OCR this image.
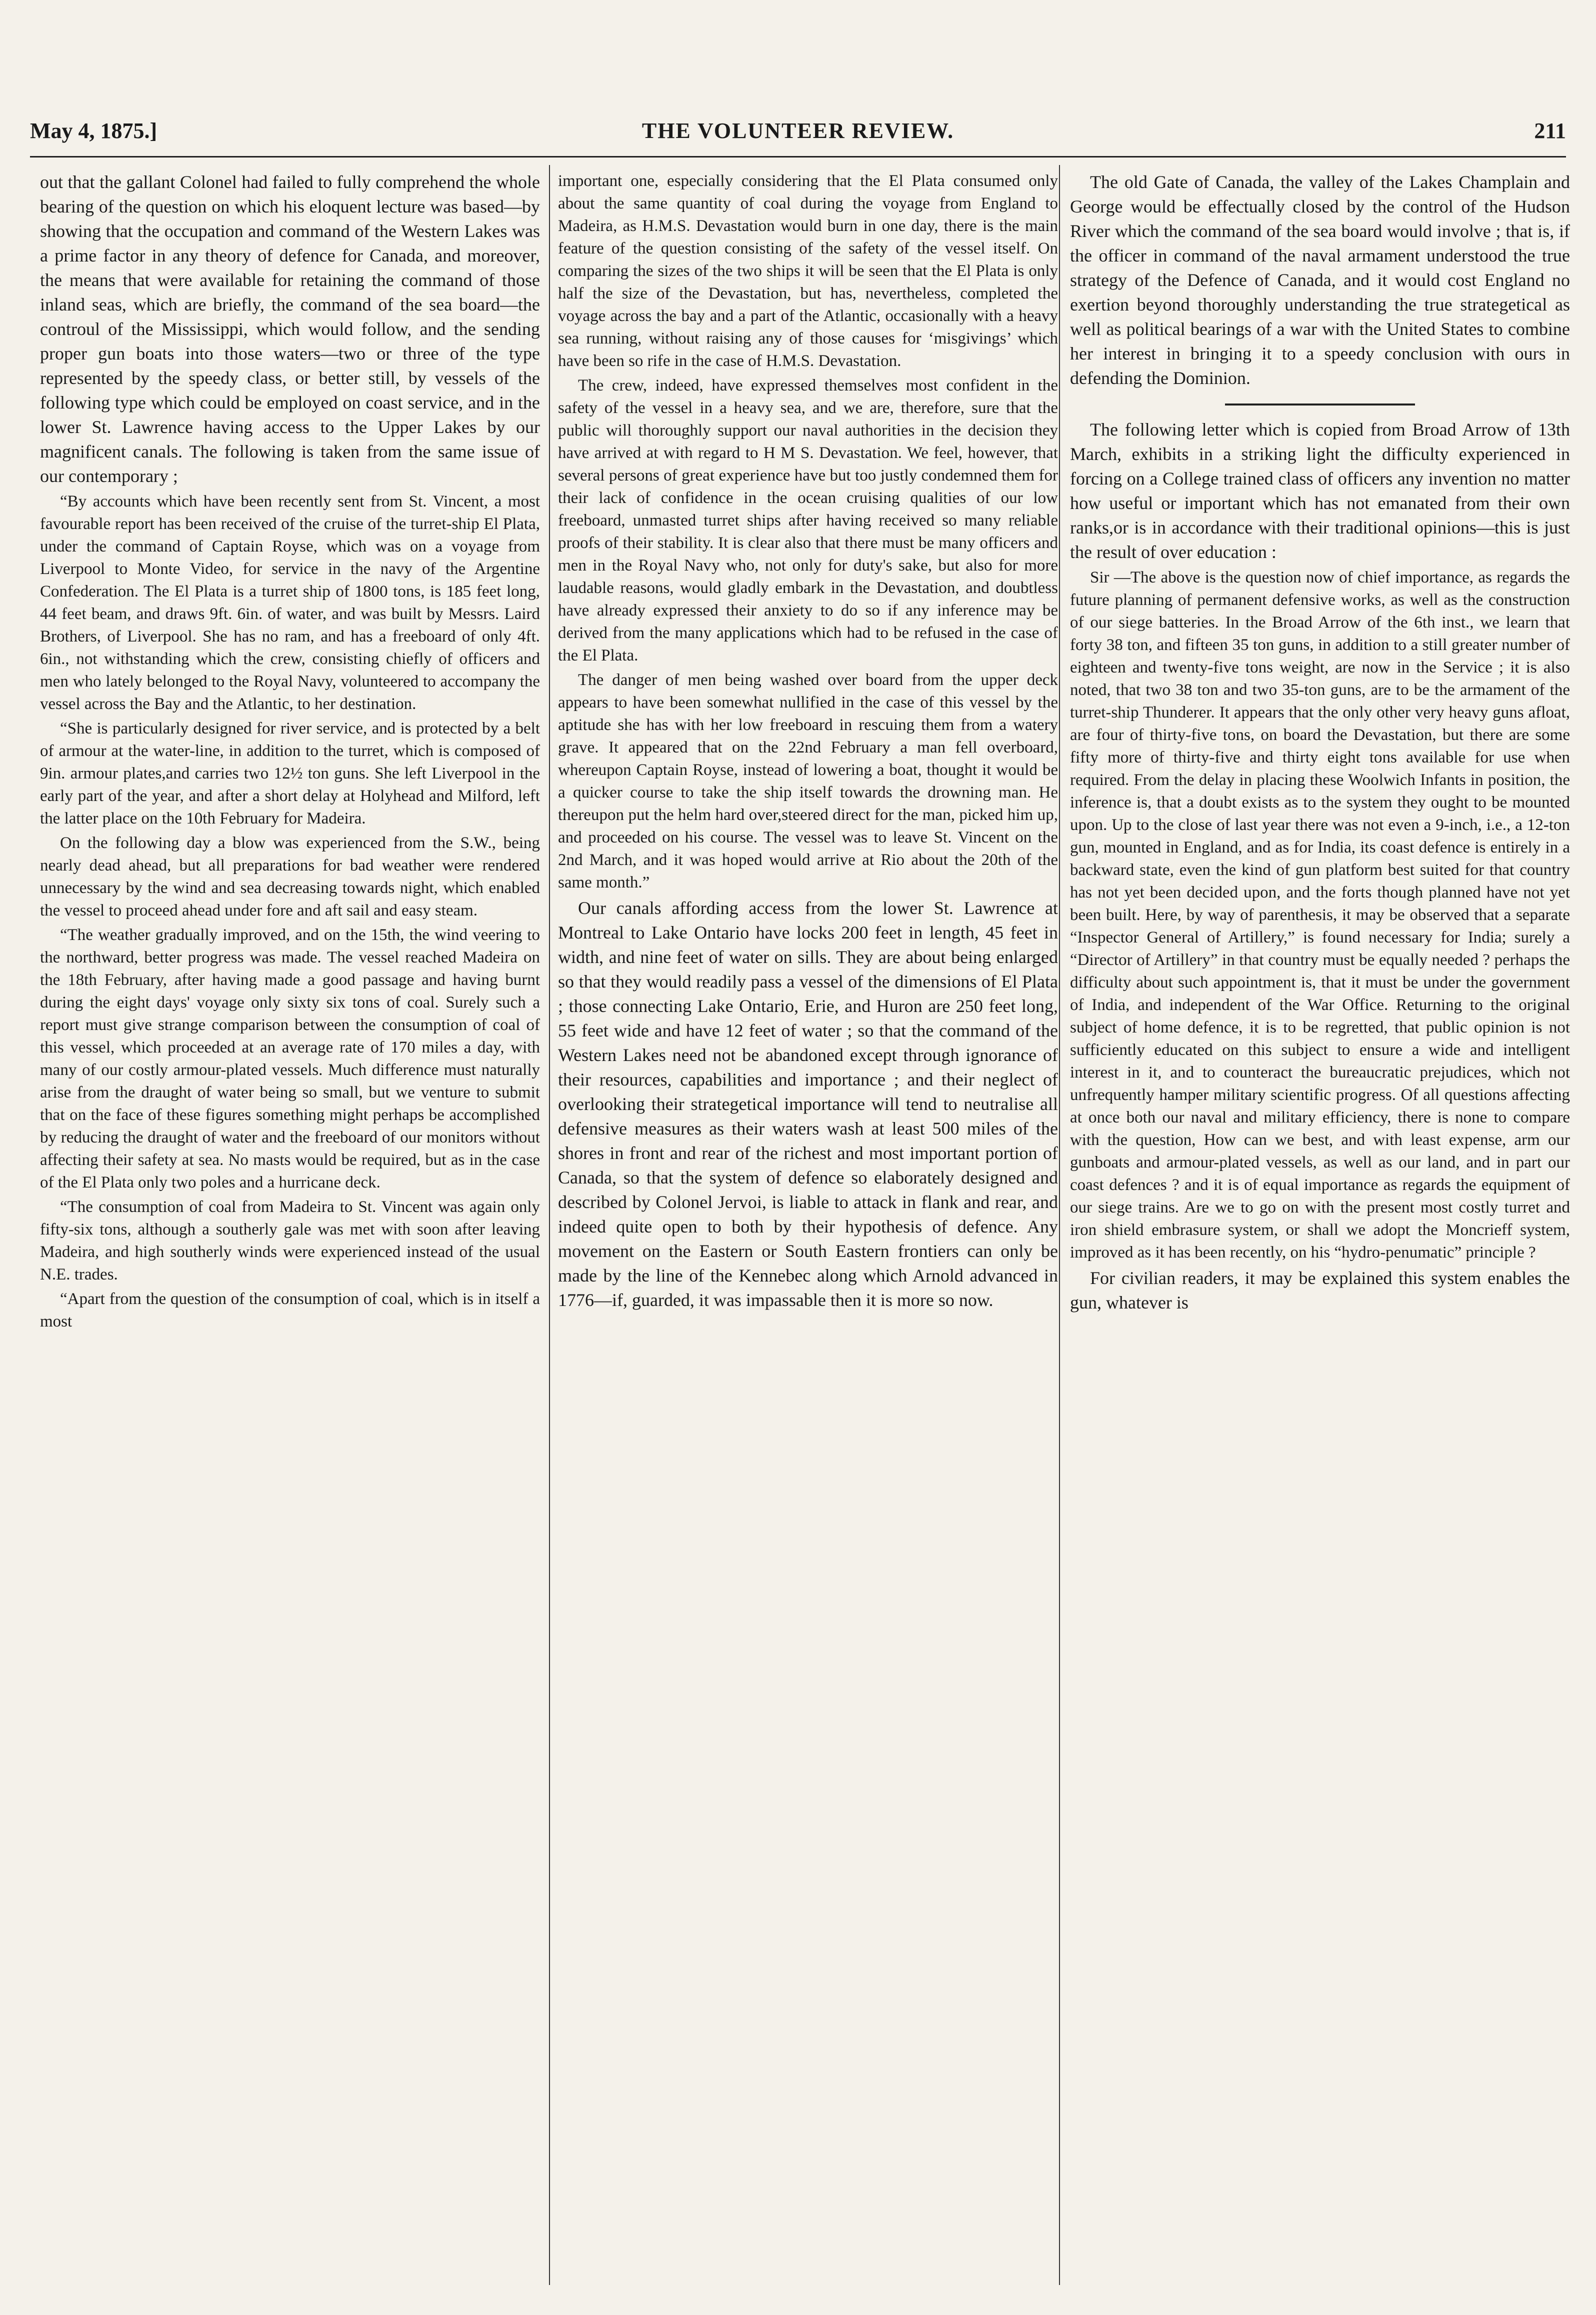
May 4, 1875.]	THE VOLUNTEER REVIEW.	211

out that the gallant Colonel had failed to fully comprehend the whole bearing of the question on which his eloquent lecture was based—by showing that the occupation and command of the Western Lakes was a prime factor in any theory of defence for Canada, and moreover, the means that were available for retaining the command of those inland seas, which are briefly, the command of the sea board—the controul of the Mississippi, which would follow, and the sending proper gun boats into those waters—two or three of the type represented by the speedy class, or better still, by vessels of the following type which could be employed on coast service, and in the lower St. Lawrence having access to the Upper Lakes by our magnificent canals. The following is taken from the same issue of our contemporary ;

“By accounts which have been recently sent from St. Vincent, a most favourable report has been received of the cruise of the turret-ship El Plata, under the command of Captain Royse, which was on a voyage from Liverpool to Monte Video, for service in the navy of the Argentine Confederation. The El Plata is a turret ship of 1800 tons, is 185 feet long, 44 feet beam, and draws 9ft. 6in. of water, and was built by Messrs. Laird Brothers, of Liverpool. She has no ram, and has a freeboard of only 4ft. 6in., not withstanding which the crew, consisting chiefly of officers and men who lately belonged to the Royal Navy, volunteered to accompany the vessel across the Bay and the Atlantic, to her destination.

“She is particularly designed for river service, and is protected by a belt of armour at the water-line, in addition to the turret, which is composed of 9in. armour plates,and carries two 12½ ton guns. She left Liverpool in the early part of the year, and after a short delay at Holyhead and Milford, left the latter place on the 10th February for Madeira.

On the following day a blow was experienced from the S.W., being nearly dead ahead, but all preparations for bad weather were rendered unnecessary by the wind and sea decreasing towards night, which enabled the vessel to proceed ahead under fore and aft sail and easy steam.

“The weather gradually improved, and on the 15th, the wind veering to the northward, better progress was made. The vessel reached Madeira on the 18th February, after having made a good passage and having burnt during the eight days' voyage only sixty six tons of coal. Surely such a report must give strange comparison between the consumption of coal of this vessel, which proceeded at an average rate of 170 miles a day, with many of our costly armour-plated vessels. Much difference must naturally arise from the draught of water being so small, but we venture to submit that on the face of these figures something might perhaps be accomplished by reducing the draught of water and the freeboard of our monitors without affecting their safety at sea. No masts would be required, but as in the case of the El Plata only two poles and a hurricane deck.

“The consumption of coal from Madeira to St. Vincent was again only fifty-six tons, although a southerly gale was met with soon after leaving Madeira, and high southerly winds were experienced instead of the usual N.E. trades.

“Apart from the question of the consumption of coal, which is in itself a most

important one, especially considering that the El Plata consumed only about the same quantity of coal during the voyage from England to Madeira, as H.M.S. Devastation would burn in one day, there is the main feature of the question consisting of the safety of the vessel itself. On comparing the sizes of the two ships it will be seen that the El Plata is only half the size of the Devastation, but has, nevertheless, completed the voyage across the bay and a part of the Atlantic, occasionally with a heavy sea running, without raising any of those causes for ‘misgivings’ which have been so rife in the case of H.M.S. Devastation.

The crew, indeed, have expressed themselves most confident in the safety of the vessel in a heavy sea, and we are, therefore, sure that the public will thoroughly support our naval authorities in the decision they have arrived at with regard to H M S. Devastation. We feel, however, that several persons of great experience have but too justly condemned them for their lack of confidence in the ocean cruising qualities of our low freeboard, unmasted turret ships after having received so many reliable proofs of their stability. It is clear also that there must be many officers and men in the Royal Navy who, not only for duty's sake, but also for more laudable reasons, would gladly embark in the Devastation, and doubtless have already expressed their anxiety to do so if any inference may be derived from the many applications which had to be refused in the case of the El Plata.

The danger of men being washed over board from the upper deck appears to have been somewhat nullified in the case of this vessel by the aptitude she has with her low freeboard in rescuing them from a watery grave. It appeared that on the 22nd February a man fell overboard, whereupon Captain Royse, instead of lowering a boat, thought it would be a quicker course to take the ship itself towards the drowning man. He thereupon put the helm hard over,steered direct for the man, picked him up, and proceeded on his course. The vessel was to leave St. Vincent on the 2nd March, and it was hoped would arrive at Rio about the 20th of the same month.”

Our canals affording access from the lower St. Lawrence at Montreal to Lake Ontario have locks 200 feet in length, 45 feet in width, and nine feet of water on sills. They are about being enlarged so that they would readily pass a vessel of the dimensions of El Plata ; those connecting Lake Ontario, Erie, and Huron are 250 feet long, 55 feet wide and have 12 feet of water ; so that the command of the Western Lakes need not be abandoned except through ignorance of their resources, capabilities and importance ; and their neglect of overlooking their strategetical importance will tend to neutralise all defensive measures as their waters wash at least 500 miles of the shores in front and rear of the richest and most important portion of Canada, so that the system of defence so elaborately designed and described by Colonel Jervoi, is liable to attack in flank and rear, and indeed quite open to both by their hypothesis of defence. Any movement on the Eastern or South Eastern frontiers can only be made by the line of the Kennebec along which Arnold advanced in 1776—if, guarded, it was impassable then it is more so now.

The old Gate of Canada, the valley of the Lakes Champlain and George would be effectually closed by the control of the Hudson River which the command of the sea board would involve ; that is, if the officer in command of the naval armament understood the true strategy of the Defence of Canada, and it would cost England no exertion beyond thoroughly understanding the true strategetical as well as political bearings of a war with the United States to combine her interest in bringing it to a speedy conclusion with ours in defending the Dominion.

The following letter which is copied from Broad Arrow of 13th March, exhibits in a striking light the difficulty experienced in forcing on a College trained class of officers any invention no matter how useful or important which has not emanated from their own ranks,or is in accordance with their traditional opinions—this is just the result of over education :

Sir —The above is the question now of chief importance, as regards the future planning of permanent defensive works, as well as the construction of our siege batteries. In the Broad Arrow of the 6th inst., we learn that forty 38 ton, and fifteen 35 ton guns, in addition to a still greater number of eighteen and twenty-five tons weight, are now in the Service ; it is also noted, that two 38 ton and two 35-ton guns, are to be the armament of the turret-ship Thunderer. It appears that the only other very heavy guns afloat, are four of thirty-five tons, on board the Devastation, but there are some fifty more of thirty-five and thirty eight tons available for use when required. From the delay in placing these Woolwich Infants in position, the inference is, that a doubt exists as to the system they ought to be mounted upon. Up to the close of last year there was not even a 9-inch, i.e., a 12-ton gun, mounted in England, and as for India, its coast defence is entirely in a backward state, even the kind of gun platform best suited for that country has not yet been decided upon, and the forts though planned have not yet been built. Here, by way of parenthesis, it may be observed that a separate “Inspector General of Artillery,” is found necessary for India; surely a “Director of Artillery” in that country must be equally needed ? perhaps the difficulty about such appointment is, that it must be under the government of India, and independent of the War Office. Returning to the original subject of home defence, it is to be regretted, that public opinion is not sufficiently educated on this subject to ensure a wide and intelligent interest in it, and to counteract the bureaucratic prejudices, which not unfrequently hamper military scientific progress. Of all questions affecting at once both our naval and military efficiency, there is none to compare with the question, How can we best, and with least expense, arm our gunboats and armour-plated vessels, as well as our land, and in part our coast defences ? and it is of equal importance as regards the equipment of our siege trains. Are we to go on with the present most costly turret and iron shield embrasure system, or shall we adopt the Moncrieff system, improved as it has been recently, on his “hydro-penumatic” principle ?

For civilian readers, it may be explained this system enables the gun, whatever is
